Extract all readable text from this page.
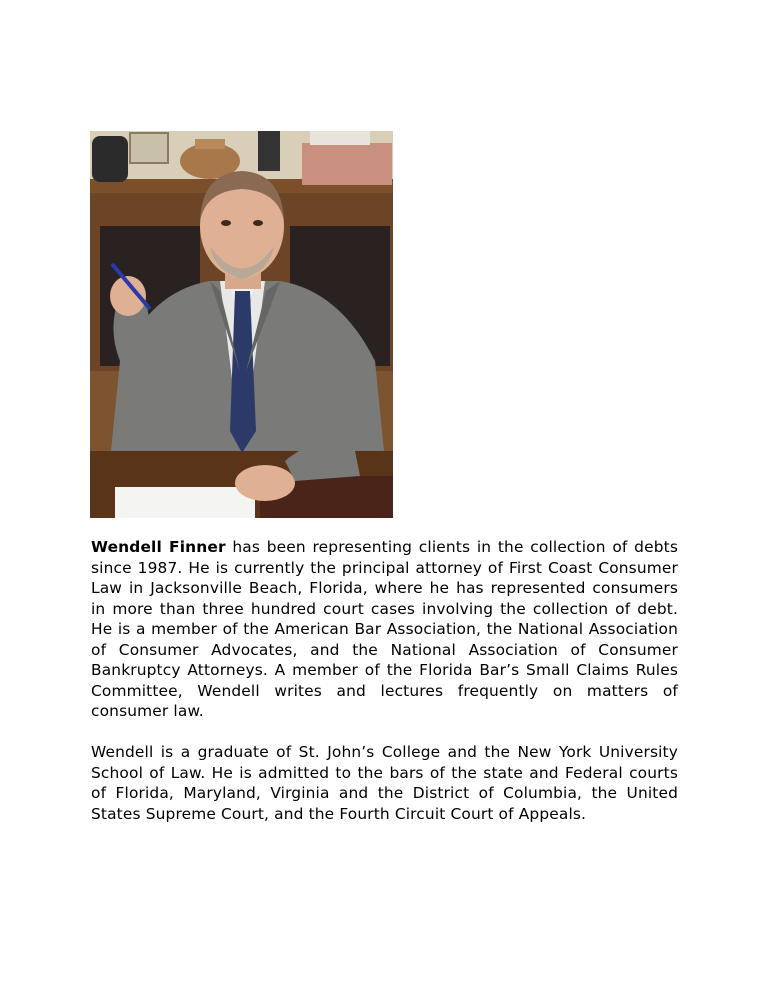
Wendell Finner has been representing clients in the collection of debts since 1987. He is currently the principal attorney of First Coast Consumer Law in Jacksonville Beach, Florida, where he has represented consumers in more than three hundred court cases involving the collection of debt. He is a member of the American Bar Association, the National Association of Consumer Advocates, and the National Association of Consumer Bankruptcy Attorneys. A member of the Florida Bar’s Small Claims Rules Committee, Wendell writes and lectures frequently on matters of consumer law.

Wendell is a graduate of St. John’s College and the New York University School of Law. He is admitted to the bars of the state and Federal courts of Florida, Maryland, Virginia and the District of Columbia, the United States Supreme Court, and the Fourth Circuit Court of Appeals.
